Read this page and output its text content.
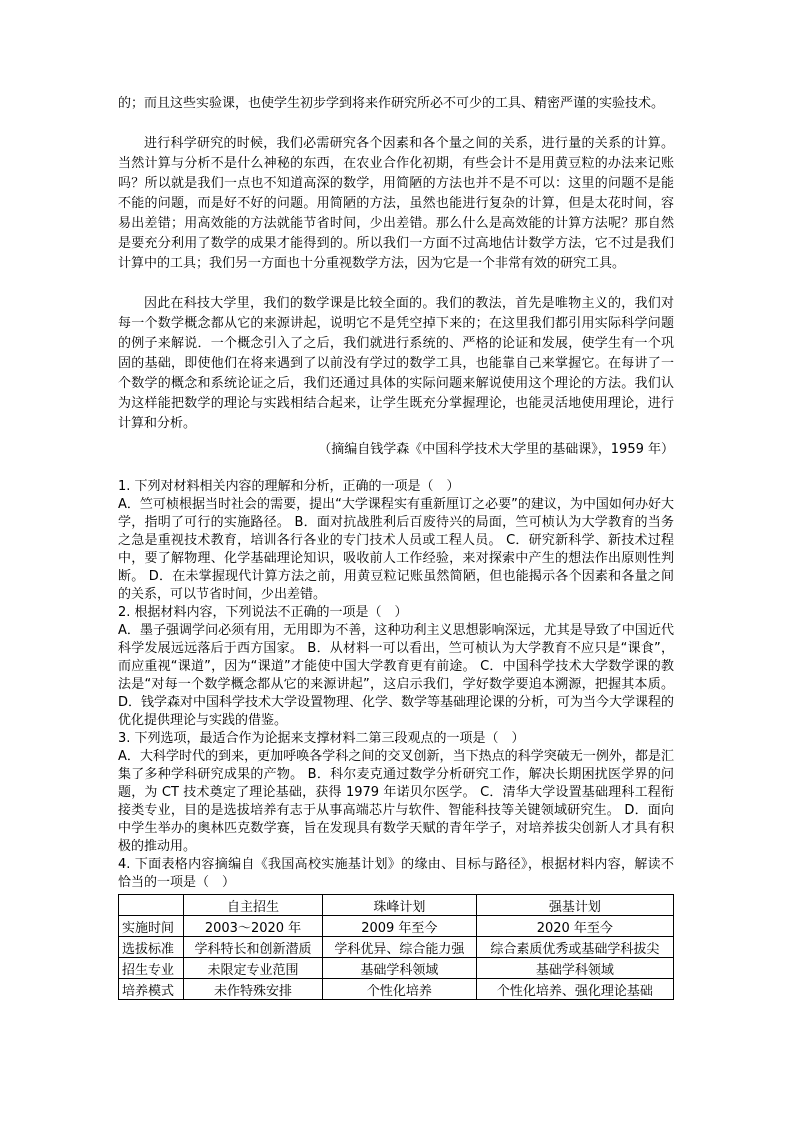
的；而且这些实验课，也使学生初步学到将来作研究所必不可少的工具、精密严谨的实验技术。

进行科学研究的时候，我们必需研究各个因素和各个量之间的关系，进行量的关系的计算。当然计算与分析不是什么神秘的东西，在农业合作化初期，有些会计不是用黄豆粒的办法来记账吗？所以就是我们一点也不知道高深的数学，用简陋的方法也并不是不可以：这里的问题不是能不能的问题，而是好不好的问题。用简陋的方法，虽然也能进行复杂的计算，但是太花时间，容易出差错；用高效能的方法就能节省时间，少出差错。那么什么是高效能的计算方法呢？那自然是要充分利用了数学的成果才能得到的。所以我们一方面不过高地估计数学方法，它不过是我们计算中的工具；我们另一方面也十分重视数学方法，因为它是一个非常有效的研究工具。

因此在科技大学里，我们的数学课是比较全面的。我们的教法，首先是唯物主义的，我们对每一个数学概念都从它的来源讲起，说明它不是凭空掉下来的；在这里我们都引用实际科学问题的例子来解说．一个概念引入了之后，我们就进行系统的、严格的论证和发展，使学生有一个巩固的基础，即使他们在将来遇到了以前没有学过的数学工具，也能靠自己来掌握它。在每讲了一个数学的概念和系统论证之后，我们还通过具体的实际问题来解说使用这个理论的方法。我们认为这样能把数学的理论与实践相结合起来，让学生既充分掌握理论，也能灵活地使用理论，进行计算和分析。

（摘编自钱学森《中国科学技术大学里的基础课》，1959 年）

1. 下列对材料相关内容的理解和分析，正确的一项是（　）

A．竺可桢根据当时社会的需要，提出“大学课程实有重新厘订之必要”的建议，为中国如何办好大学，指明了可行的实施路径。 B．面对抗战胜利后百废待兴的局面，竺可桢认为大学教育的当务之急是重视技术教育，培训各行各业的专门技术人员或工程人员。 C．研究新科学、新技术过程中，要了解物理、化学基础理论知识，吸收前人工作经验，来对探索中产生的想法作出原则性判断。 D．在未掌握现代计算方法之前，用黄豆粒记账虽然简陋，但也能揭示各个因素和各量之间的关系，可以节省时间，少出差错。

2. 根据材料内容，下列说法不正确的一项是（　）

A．墨子强调学问必须有用，无用即为不善，这种功利主义思想影响深远，尤其是导致了中国近代科学发展远远落后于西方国家。 B．从材料一可以看出，竺可桢认为大学教育不应只是“课食”，而应重视“课道”，因为“课道”才能使中国大学教育更有前途。 C．中国科学技术大学数学课的教法是“对每一个数学概念都从它的来源讲起”，这启示我们，学好数学要追本溯源，把握其本质。 D．钱学森对中国科学技术大学设置物理、化学、数学等基础理论课的分析，可为当今大学课程的优化提供理论与实践的借鉴。

3. 下列选项，最适合作为论据来支撑材料二第三段观点的一项是（　）

A．大科学时代的到来，更加呼唤各学科之间的交叉创新，当下热点的科学突破无一例外，都是汇集了多种学科研究成果的产物。 B．科尔麦克通过数学分析研究工作，解决长期困扰医学界的问题，为 CT 技术奠定了理论基础，获得 1979 年诺贝尔医学。 C．清华大学设置基础理科工程衔接类专业，目的是选拔培养有志于从事高端芯片与软件、智能科技等关键领域研究生。 D．面向中学生举办的奥林匹克数学赛，旨在发现具有数学天赋的青年学子，对培养拔尖创新人才具有积极的推动用。

4. 下面表格内容摘编自《我国高校实施基计划》的缘由、目标与路径》，根据材料内容，解读不恰当的一项是（　）

	自主招生	珠峰计划	强基计划
实施时间	2003～2020 年	2009 年至今	2020 年至今
选拔标准	学科特长和创新潜质	学科优异、综合能力强	综合素质优秀或基础学科拔尖
招生专业	未限定专业范围	基础学科领域	基础学科领域
培养模式	未作特殊安排	个性化培养	个性化培养、强化理论基础
